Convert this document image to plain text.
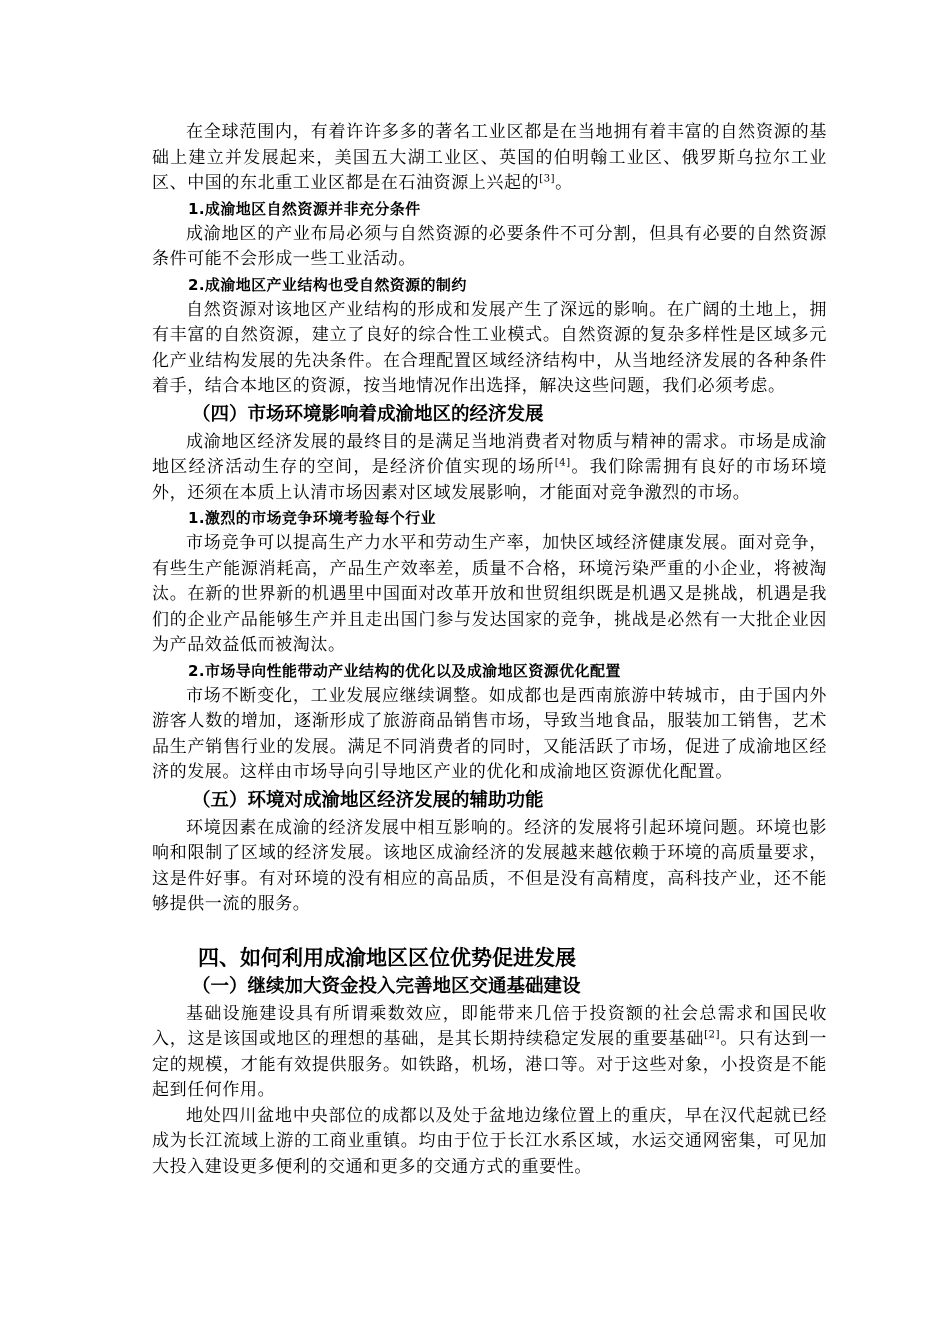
在全球范围内，有着许许多多的著名工业区都是在当地拥有着丰富的自然资源的基础上建立并发展起来，美国五大湖工业区、英国的伯明翰工业区、俄罗斯乌拉尔工业区、中国的东北重工业区都是在石油资源上兴起的[3]。

1.成渝地区自然资源并非充分条件

成渝地区的产业布局必须与自然资源的必要条件不可分割，但具有必要的自然资源条件可能不会形成一些工业活动。

2.成渝地区产业结构也受自然资源的制约

自然资源对该地区产业结构的形成和发展产生了深远的影响。在广阔的土地上，拥有丰富的自然资源，建立了良好的综合性工业模式。自然资源的复杂多样性是区域多元化产业结构发展的先决条件。在合理配置区域经济结构中，从当地经济发展的各种条件着手，结合本地区的资源，按当地情况作出选择，解决这些问题，我们必须考虑。

（四）市场环境影响着成渝地区的经济发展

成渝地区经济发展的最终目的是满足当地消费者对物质与精神的需求。市场是成渝地区经济活动生存的空间，是经济价值实现的场所[4]。我们除需拥有良好的市场环境外，还须在本质上认清市场因素对区域发展影响，才能面对竞争激烈的市场。

1.激烈的市场竞争环境考验每个行业

市场竞争可以提高生产力水平和劳动生产率，加快区域经济健康发展。面对竞争，有些生产能源消耗高，产品生产效率差，质量不合格，环境污染严重的小企业，将被淘汰。在新的世界新的机遇里中国面对改革开放和世贸组织既是机遇又是挑战，机遇是我们的企业产品能够生产并且走出国门参与发达国家的竞争，挑战是必然有一大批企业因为产品效益低而被淘汰。

2.市场导向性能带动产业结构的优化以及成渝地区资源优化配置

市场不断变化，工业发展应继续调整。如成都也是西南旅游中转城市，由于国内外游客人数的增加，逐渐形成了旅游商品销售市场，导致当地食品，服装加工销售，艺术品生产销售行业的发展。满足不同消费者的同时，又能活跃了市场，促进了成渝地区经济的发展。这样由市场导向引导地区产业的优化和成渝地区资源优化配置。

（五）环境对成渝地区经济发展的辅助功能

环境因素在成渝的经济发展中相互影响的。经济的发展将引起环境问题。环境也影响和限制了区域的经济发展。该地区成渝经济的发展越来越依赖于环境的高质量要求，这是件好事。有对环境的没有相应的高品质，不但是没有高精度，高科技产业，还不能够提供一流的服务。

四、如何利用成渝地区区位优势促进发展
（一）继续加大资金投入完善地区交通基础建设

基础设施建设具有所谓乘数效应，即能带来几倍于投资额的社会总需求和国民收入，这是该国或地区的理想的基础，是其长期持续稳定发展的重要基础[2]。只有达到一定的规模，才能有效提供服务。如铁路，机场，港口等。对于这些对象，小投资是不能起到任何作用。

地处四川盆地中央部位的成都以及处于盆地边缘位置上的重庆，早在汉代起就已经成为长江流域上游的工商业重镇。均由于位于长江水系区域，水运交通网密集，可见加大投入建设更多便利的交通和更多的交通方式的重要性。
